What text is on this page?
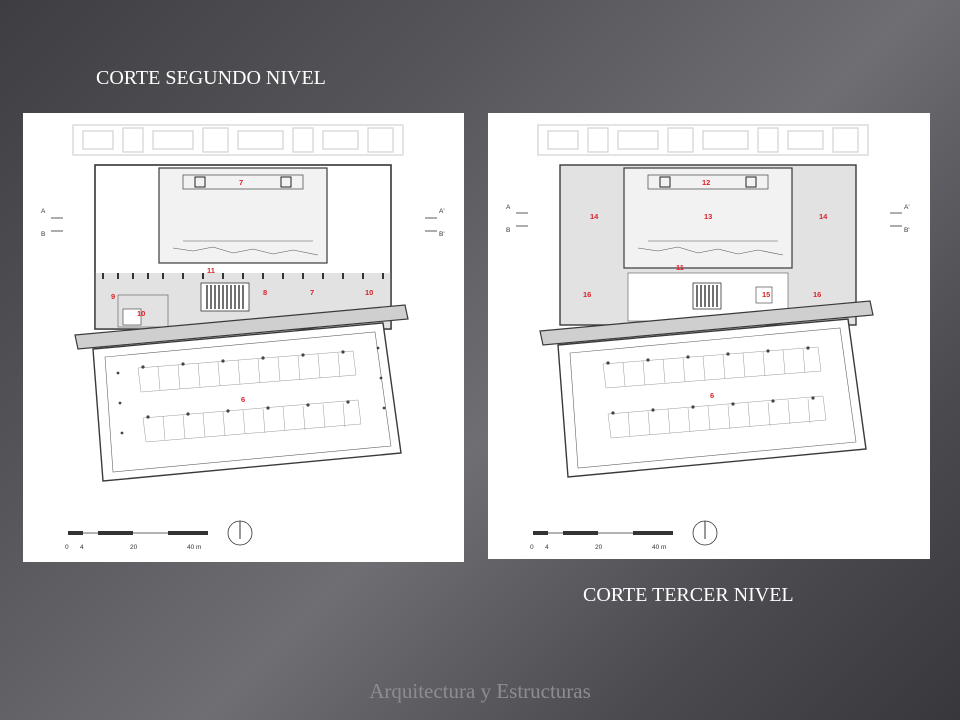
CORTE SEGUNDO NIVEL
CORTE TERCER NIVEL
Arquitectura y Estructuras
A
B
A'
B'
7
11
9	8	7	10
10
6
0 4	20	40 m
A
B
A'
B'
12
14	13	14
11
16	15	16
6
0 4	20	40 m
